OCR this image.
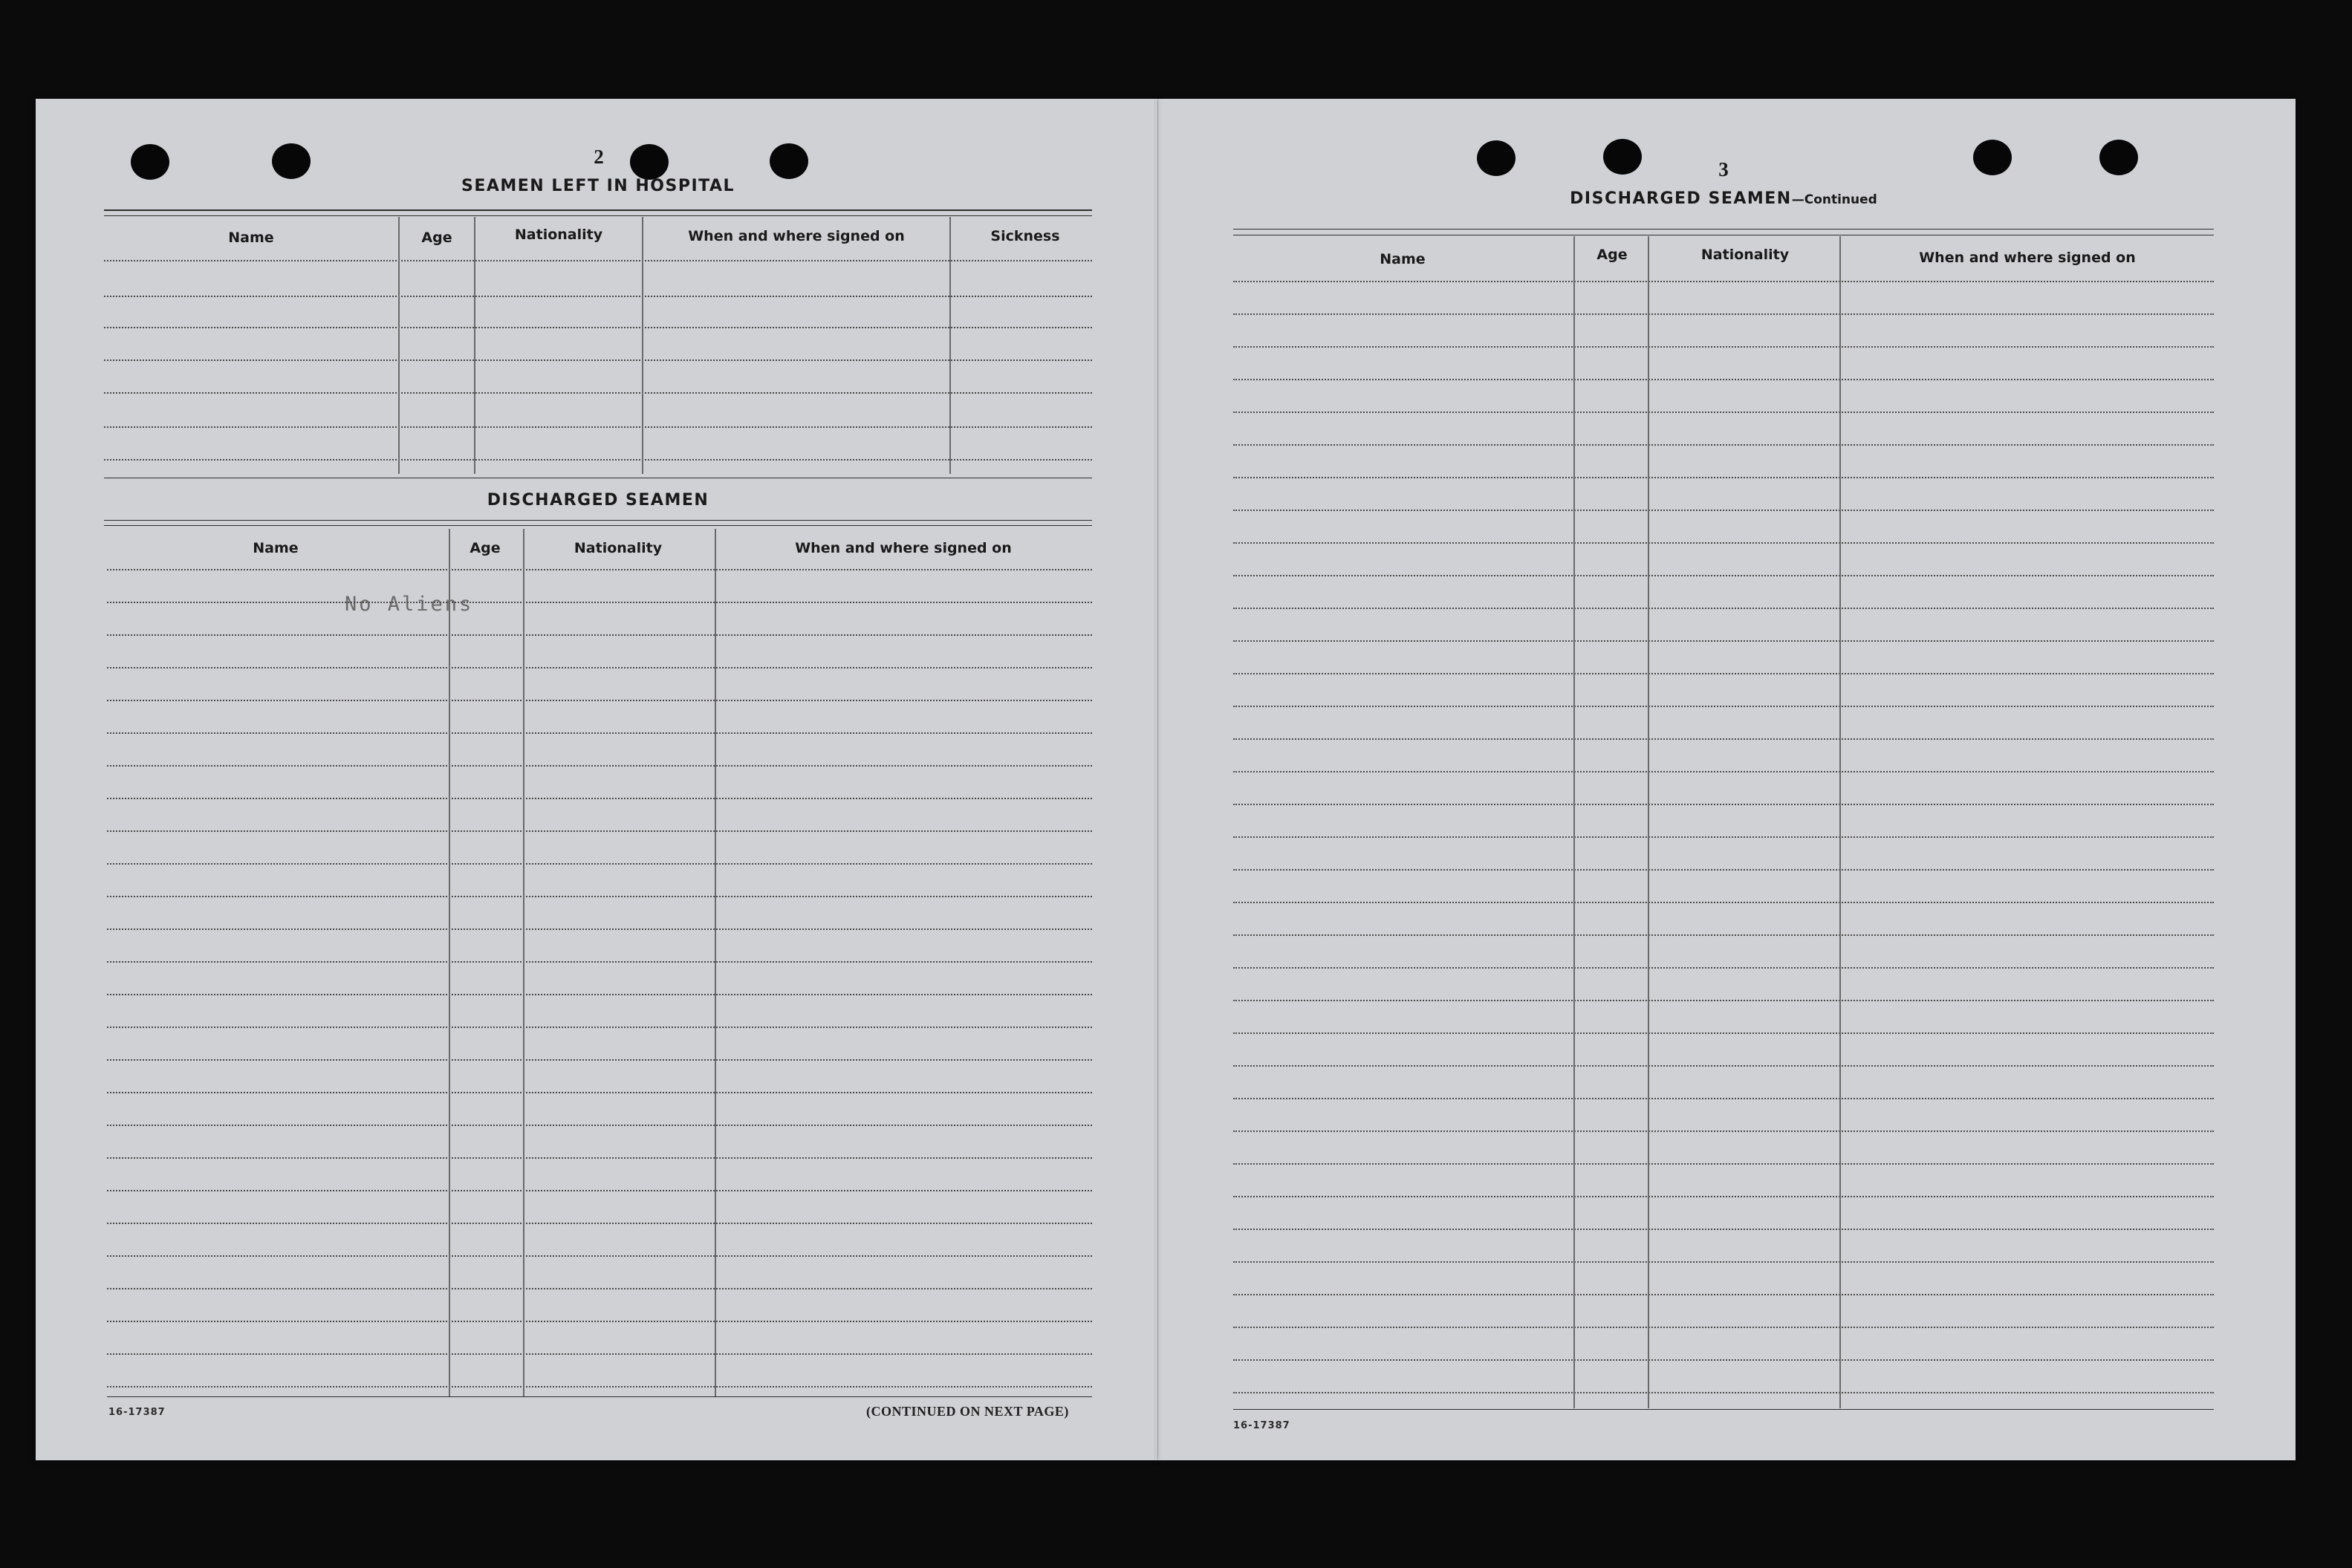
2
SEAMEN LEFT IN HOSPITAL
Name	Age	Nationality	When and where signed on	Sickness
DISCHARGED SEAMEN
Name	Age	Nationality	When and where signed on
No Aliens
16-17387	(CONTINUED ON NEXT PAGE)
3
DISCHARGED SEAMEN—Continued
Name	Age	Nationality	When and where signed on
16-17387
